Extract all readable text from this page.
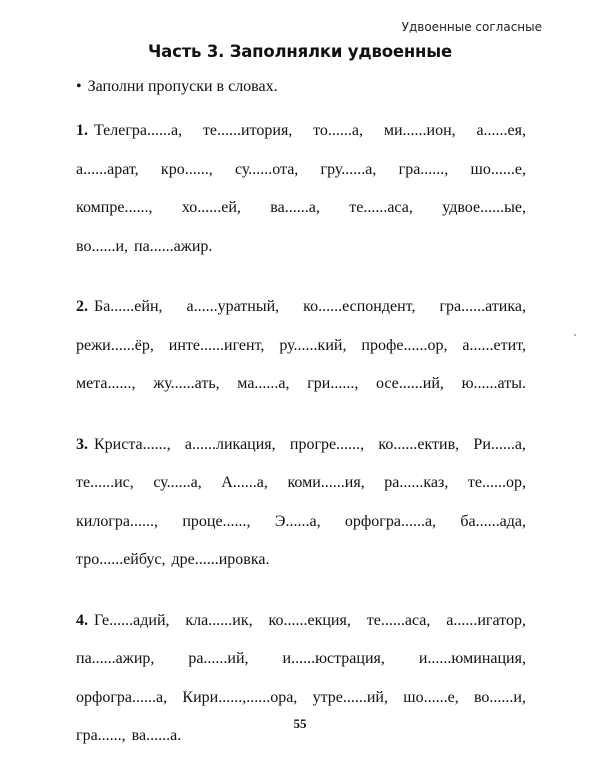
Удвоенные согласные
Часть 3. Заполнялки удвоенные
• Заполни пропуски в словах.
1. Телегра......а, те......итория, то......а, ми......ион, а......ея,
а......арат, кро......, су......ота, гру......а, гра......, шо......е,
компре......, хо......ей, ва......а, те......аса, удвое......ые,
во......и, па......ажир.
2. Ба......ейн, а......уратный, ко......еспондент, гра......атика,
режи......ёр, инте......игент, ру......кий, профе......ор, а......етит,
мета......, жу......ать, ма......а, гри......, осе......ий, ю......аты.
3. Криста......, а......ликация, прогре......, ко......ектив, Ри......а,
те......ис, су......а, А......а, коми......ия, ра......каз, те......ор,
килогра......, проце......, Э......а, орфогра......а, ба......ада,
тро......ейбус, дре......ировка.
4. Ге......адий, кла......ик, ко......екция, те......аса, а......игатор,
па......ажир, ра......ий, и......юстрация, и......юминация,
орфогра......а, Кири......,......ора, утре......ий, шо......е, во......и,
гра......, ва......а.
55
